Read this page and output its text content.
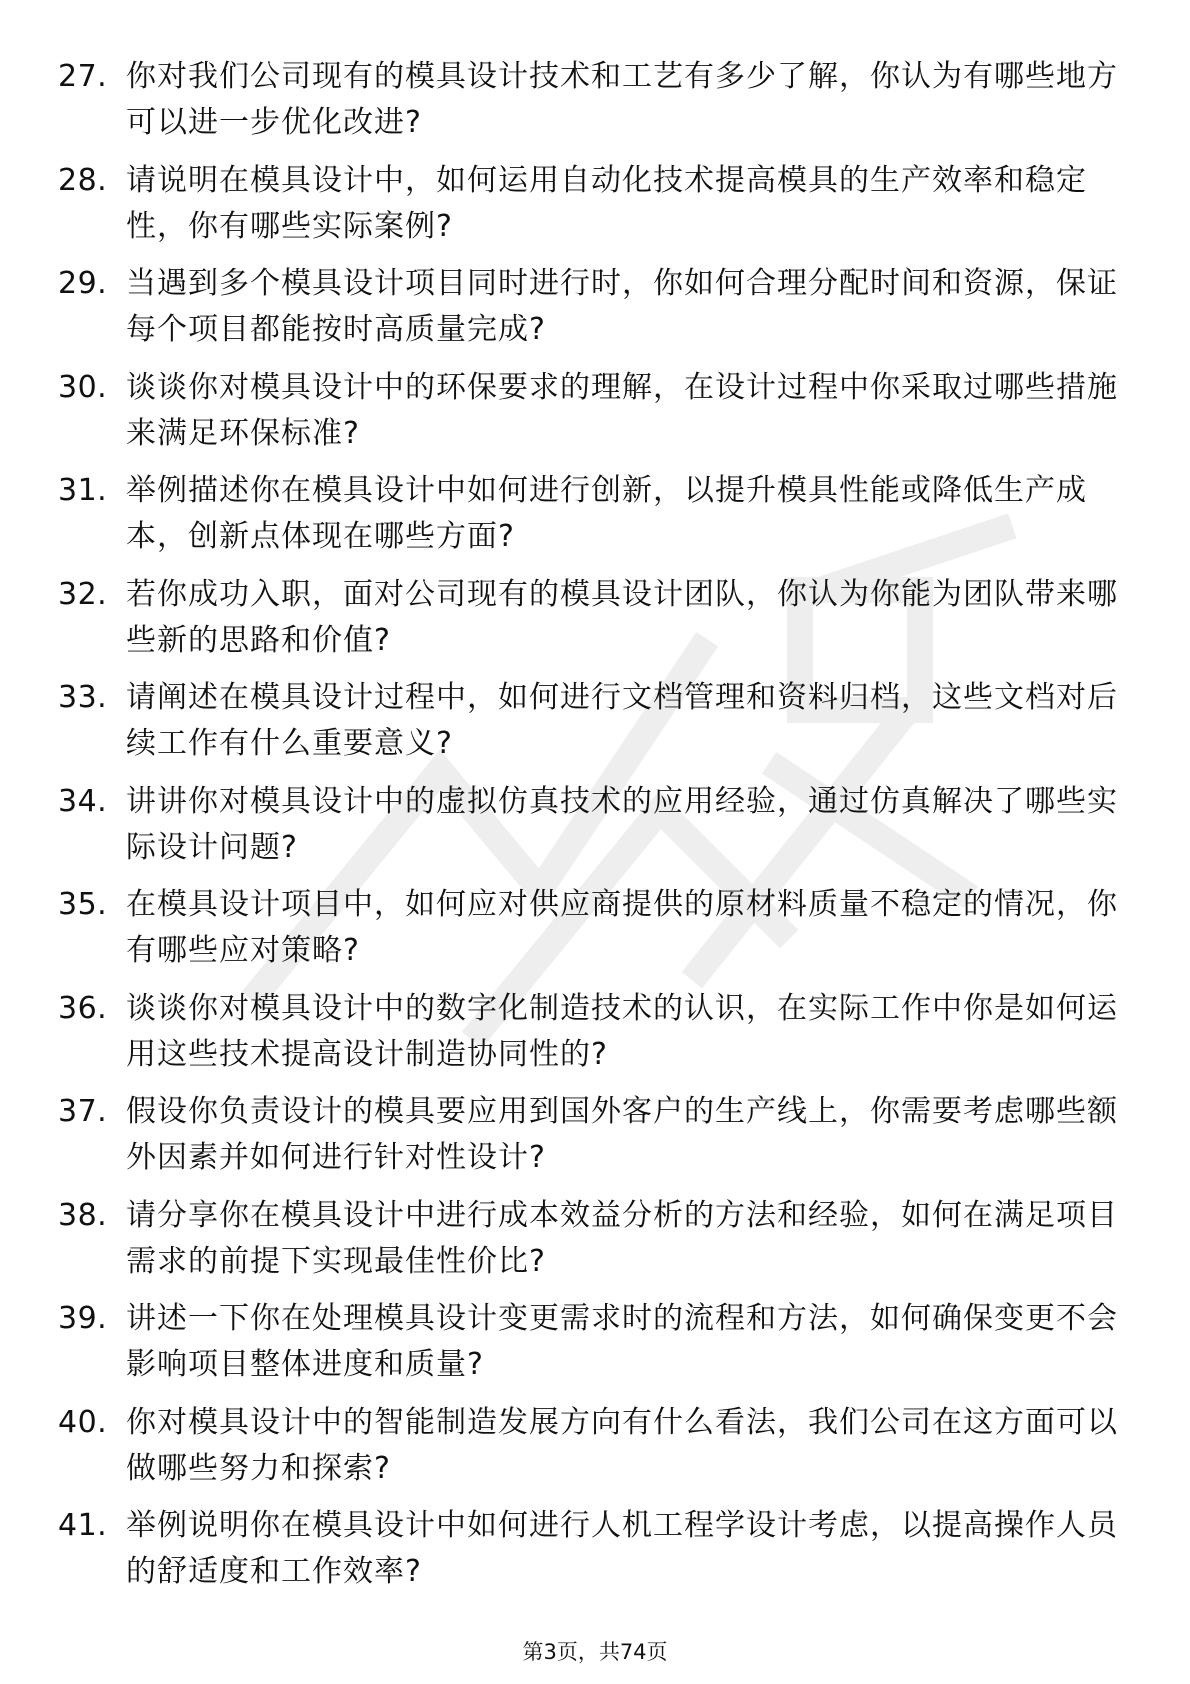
27. 你对我们公司现有的模具设计技术和工艺有多少了解，你认为有哪些地方可以进一步优化改进?
28. 请说明在模具设计中，如何运用自动化技术提高模具的生产效率和稳定性，你有哪些实际案例?
29. 当遇到多个模具设计项目同时进行时，你如何合理分配时间和资源，保证每个项目都能按时高质量完成?
30. 谈谈你对模具设计中的环保要求的理解，在设计过程中你采取过哪些措施来满足环保标准?
31. 举例描述你在模具设计中如何进行创新，以提升模具性能或降低生产成本，创新点体现在哪些方面?
32. 若你成功入职，面对公司现有的模具设计团队，你认为你能为团队带来哪些新的思路和价值?
33. 请阐述在模具设计过程中，如何进行文档管理和资料归档，这些文档对后续工作有什么重要意义?
34. 讲讲你对模具设计中的虚拟仿真技术的应用经验，通过仿真解决了哪些实际设计问题?
35. 在模具设计项目中，如何应对供应商提供的原材料质量不稳定的情况，你有哪些应对策略?
36. 谈谈你对模具设计中的数字化制造技术的认识，在实际工作中你是如何运用这些技术提高设计制造协同性的?
37. 假设你负责设计的模具要应用到国外客户的生产线上，你需要考虑哪些额外因素并如何进行针对性设计?
38. 请分享你在模具设计中进行成本效益分析的方法和经验，如何在满足项目需求的前提下实现最佳性价比?
39. 讲述一下你在处理模具设计变更需求时的流程和方法，如何确保变更不会影响项目整体进度和质量?
40. 你对模具设计中的智能制造发展方向有什么看法，我们公司在这方面可以做哪些努力和探索?
41. 举例说明你在模具设计中如何进行人机工程学设计考虑，以提高操作人员的舒适度和工作效率?
第3页，共74页
